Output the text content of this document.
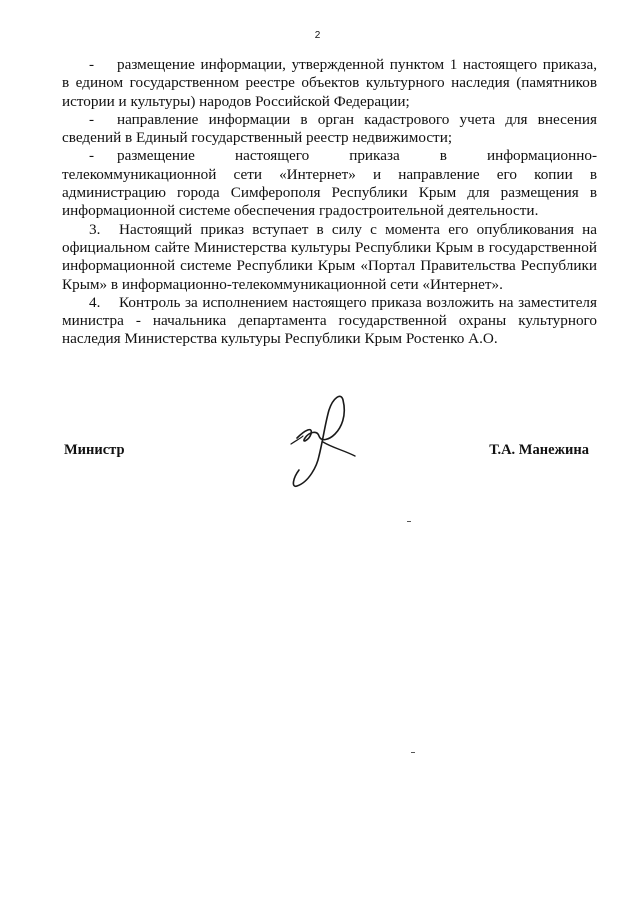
2

- размещение информации, утвержденной пунктом 1 настоящего приказа, в едином государственном реестре объектов культурного наследия (памятников истории и культуры) народов Российской Федерации;

- направление информации в орган кадастрового учета для внесения сведений в Единый государственный реестр недвижимости;

- размещение настоящего приказа в информационно-телекоммуникационной сети «Интернет» и направление его копии в администрацию города Симферополя Республики Крым для размещения в информационной системе обеспечения градостроительной деятельности.

3. Настоящий приказ вступает в силу с момента его опубликования на официальном сайте Министерства культуры Республики Крым в государственной информационной системе Республики Крым «Портал Правительства Республики Крым» в информационно-телекоммуникационной сети «Интернет».

4. Контроль за исполнением настоящего приказа возложить на заместителя министра - начальника департамента государственной охраны культурного наследия Министерства культуры Республики Крым Ростенко А.О.

Министр	Т.А. Манежина
